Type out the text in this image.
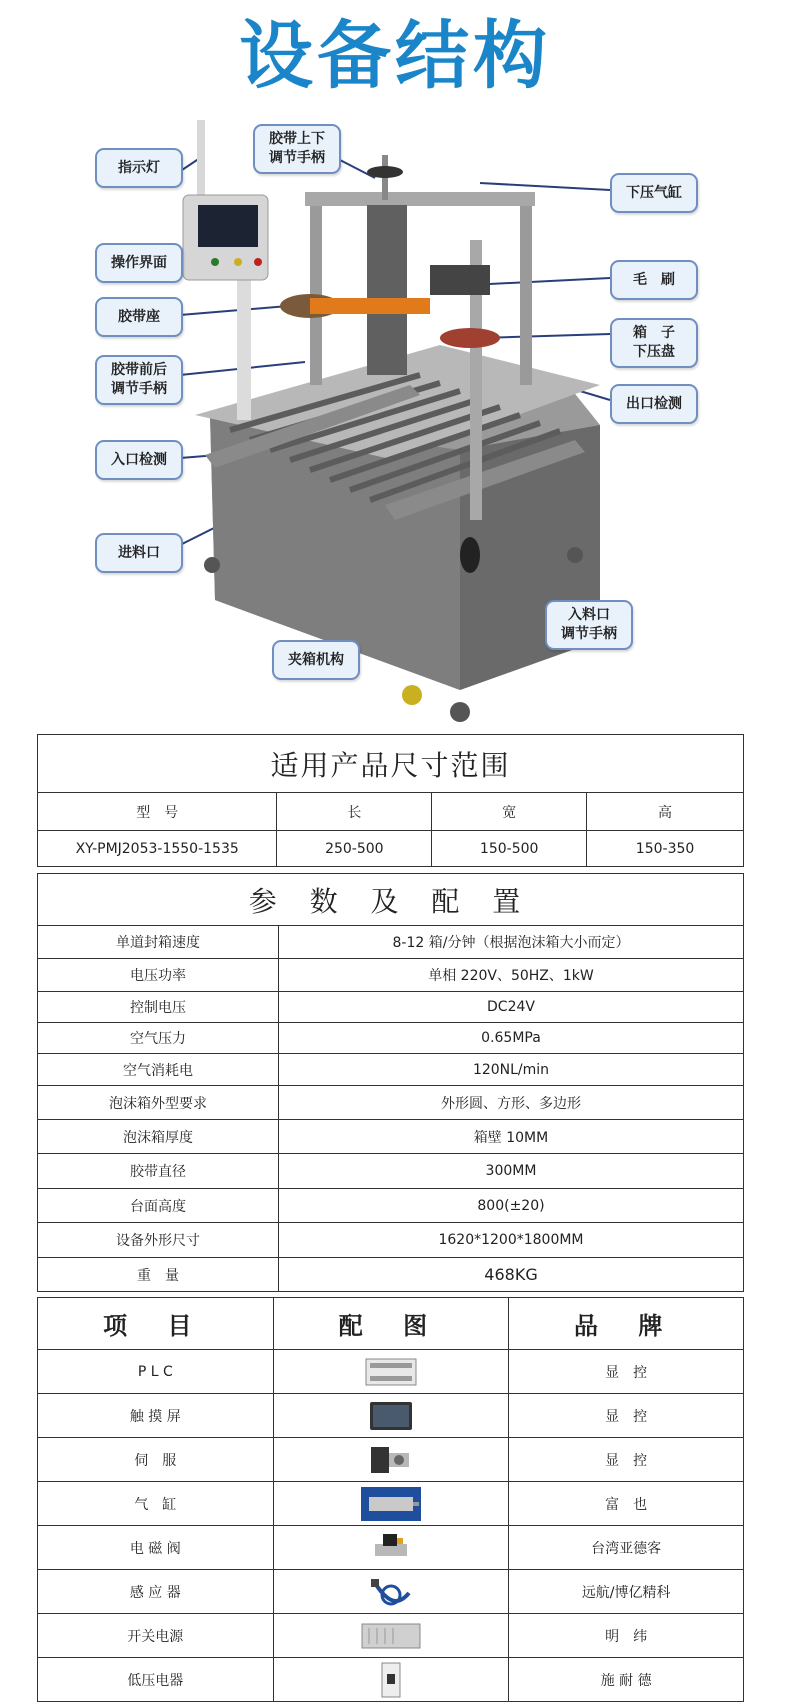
设备结构
指示灯
胶带上下
调节手柄
下压气缸
操作界面
毛　刷
胶带座
箱　子
下压盘
胶带前后
调节手柄
出口检测
入口检测
进料口
入料口
调节手柄
夹箱机构
适用产品尺寸范围			
型　号	长	宽	高
XY-PMJ2053-1550-1535	250-500	150-500	150-350
参 数 及 配 置	
单道封箱速度	8-12 箱/分钟（根据泡沫箱大小而定）
电压功率	单相 220V、50HZ、1kW
控制电压	DC24V
空气压力	0.65MPa
空气消耗电	120NL/min
泡沫箱外型要求	外形圆、方形、多边形
泡沫箱厚度	箱壁 10MM
胶带直径	300MM
台面高度	800(±20)
设备外形尺寸	1620*1200*1800MM
重　量	468KG
项 目	配 图	品 牌
P L C		显　控
触 摸 屏		显　控
伺　服		显　控
气　缸		富　也
电 磁 阀		台湾亚德客
感 应 器		远航/博亿精科
开关电源		明　纬
低压电器		施 耐 德
